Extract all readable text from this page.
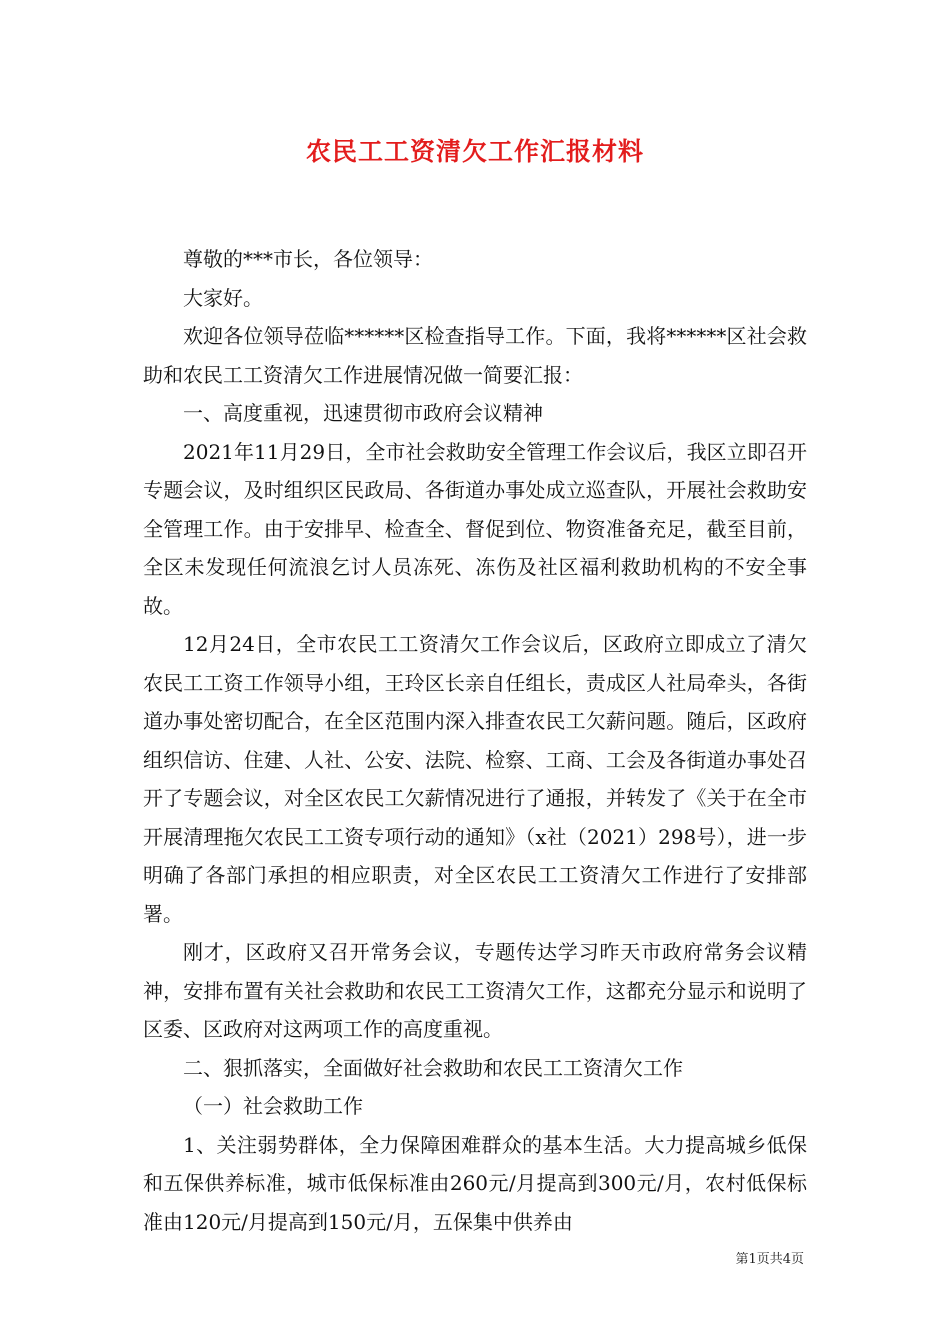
农民工工资清欠工作汇报材料

尊敬的***市长，各位领导：

大家好。

欢迎各位领导莅临******区检查指导工作。下面，我将******区社会救助和农民工工资清欠工作进展情况做一简要汇报：

一、高度重视，迅速贯彻市政府会议精神

2021年11月29日，全市社会救助安全管理工作会议后，我区立即召开专题会议，及时组织区民政局、各街道办事处成立巡查队，开展社会救助安全管理工作。由于安排早、检查全、督促到位、物资准备充足，截至目前，全区未发现任何流浪乞讨人员冻死、冻伤及社区福利救助机构的不安全事故。

12月24日，全市农民工工资清欠工作会议后，区政府立即成立了清欠农民工工资工作领导小组，王玲区长亲自任组长，责成区人社局牵头，各街道办事处密切配合，在全区范围内深入排查农民工欠薪问题。随后，区政府组织信访、住建、人社、公安、法院、检察、工商、工会及各街道办事处召开了专题会议，对全区农民工欠薪情况进行了通报，并转发了《关于在全市开展清理拖欠农民工工资专项行动的通知》（x社（2021）298号），进一步明确了各部门承担的相应职责，对全区农民工工资清欠工作进行了安排部署。

刚才，区政府又召开常务会议，专题传达学习昨天市政府常务会议精神，安排布置有关社会救助和农民工工资清欠工作，这都充分显示和说明了区委、区政府对这两项工作的高度重视。

二、狠抓落实，全面做好社会救助和农民工工资清欠工作

（一）社会救助工作

1、关注弱势群体，全力保障困难群众的基本生活。大力提高城乡低保和五保供养标准，城市低保标准由260元/月提高到300元/月，农村低保标准由120元/月提高到150元/月，五保集中供养由

第1页共4页
